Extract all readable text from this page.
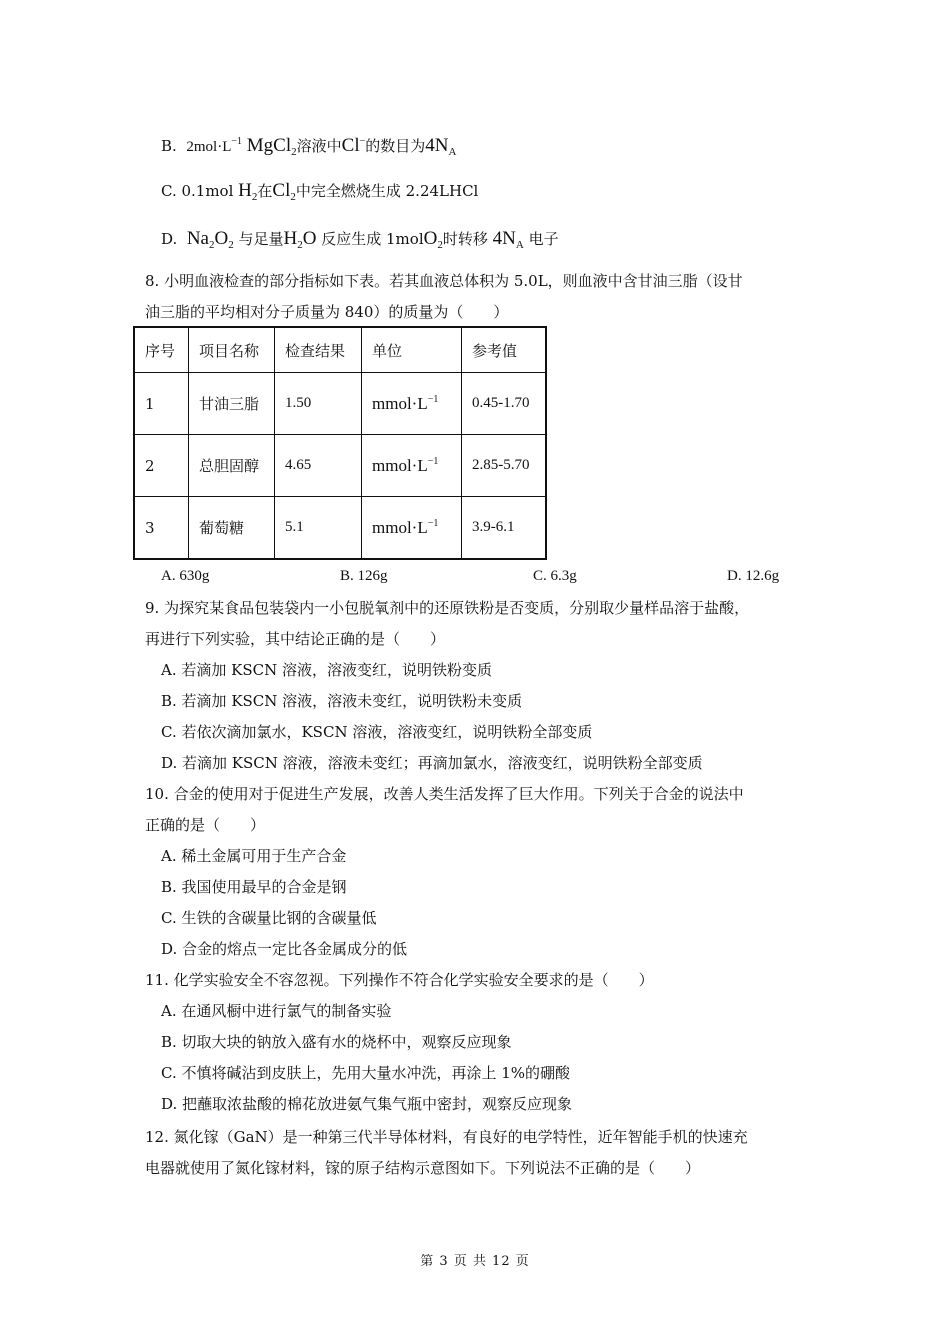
B. $2mol\cdot L^{-1}$ MgCl$_2$溶液中Cl−的数目为$4N_A$
C. 0.1mol $H_2$在$Cl_2$中完全燃烧生成 2.24LHCl
D. $Na_2O_2$ 与足量$H_2O$ 反应生成 1molO$_2$时转移 $4N_A$ 电子
8. 小明血液检查的部分指标如下表。若其血液总体积为 5.0L，则血液中含甘油三脂（设甘
油三脂的平均相对分子质量为 840）的质量为（　　）
序号	项目名称	检查结果	单位	参考值
1	甘油三脂	1.50	$mmol\cdot L^{-1}$	0.45-1.70
2	总胆固醇	4.65	$mmol\cdot L^{-1}$	2.85-5.70
3	葡萄糖	5.1	$mmol\cdot L^{-1}$	3.9-6.1
A. 630g	B. 126g	C. 6.3g	D. 12.6g
9. 为探究某食品包装袋内一小包脱氧剂中的还原铁粉是否变质，分别取少量样品溶于盐酸，
再进行下列实验，其中结论正确的是（　　）
A. 若滴加 KSCN 溶液，溶液变红，说明铁粉变质
B. 若滴加 KSCN 溶液，溶液未变红，说明铁粉未变质
C. 若依次滴加氯水，KSCN 溶液，溶液变红，说明铁粉全部变质
D. 若滴加 KSCN 溶液，溶液未变红；再滴加氯水，溶液变红，说明铁粉全部变质
10. 合金的使用对于促进生产发展，改善人类生活发挥了巨大作用。下列关于合金的说法中
正确的是（　　）
A. 稀土金属可用于生产合金
B. 我国使用最早的合金是钢
C. 生铁的含碳量比钢的含碳量低
D. 合金的熔点一定比各金属成分的低
11. 化学实验安全不容忽视。下列操作不符合化学实验安全要求的是（　　）
A. 在通风橱中进行氯气的制备实验
B. 切取大块的钠放入盛有水的烧杯中，观察反应现象
C. 不慎将碱沾到皮肤上，先用大量水冲洗，再涂上 1%的硼酸
D. 把蘸取浓盐酸的棉花放进氨气集气瓶中密封，观察反应现象
12. 氮化镓（GaN）是一种第三代半导体材料，有良好的电学特性，近年智能手机的快速充
电器就使用了氮化镓材料，镓的原子结构示意图如下。下列说法不正确的是（　　）
第 3 页 共 12 页
